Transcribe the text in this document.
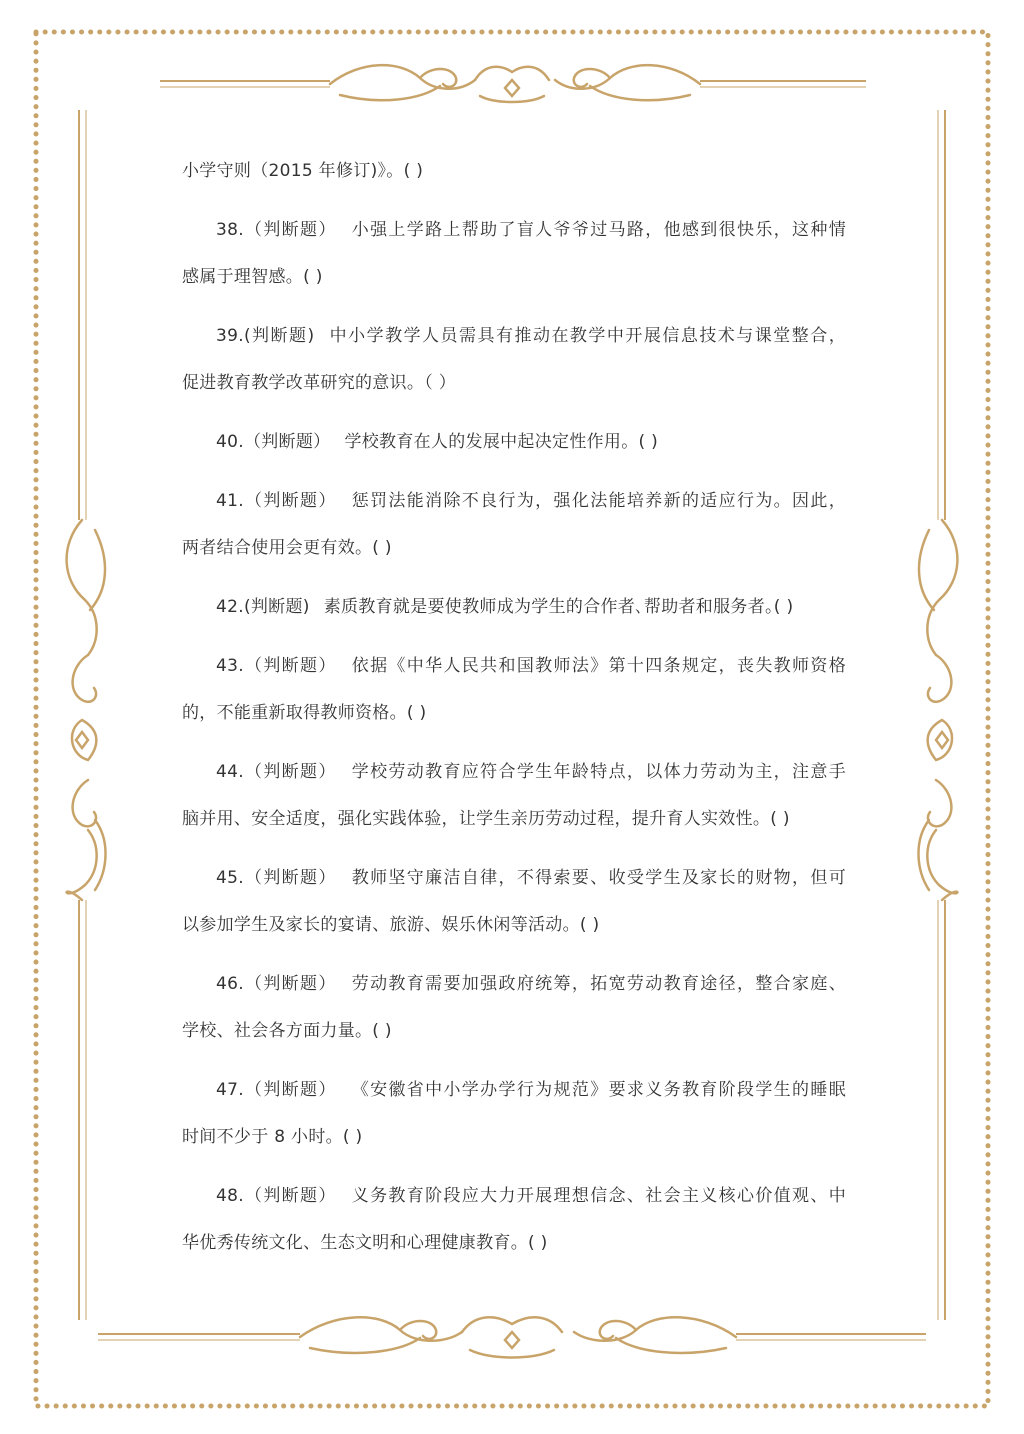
小学守则（2015 年修订)》。( )
38.（判断题） 小强上学路上帮助了盲人爷爷过马路，他感到很快乐，这种情
感属于理智感。( )
39.(判断题) 中小学教学人员需具有推动在教学中开展信息技术与课堂整合，
促进教育教学改革研究的意识。（ ）
40.（判断题） 学校教育在人的发展中起决定性作用。( )
41.（判断题） 惩罚法能消除不良行为，强化法能培养新的适应行为。因此，
两者结合使用会更有效。( )
42.(判断题) 素质教育就是要使教师成为学生的合作者､帮助者和服务者｡( )
43.（判断题） 依据《中华人民共和国教师法》第十四条规定，丧失教师资格
的，不能重新取得教师资格。( )
44.（判断题） 学校劳动教育应符合学生年龄特点，以体力劳动为主，注意手
脑并用、安全适度，强化实践体验，让学生亲历劳动过程，提升育人实效性。( )
45.（判断题） 教师坚守廉洁自律，不得索要、收受学生及家长的财物，但可
以参加学生及家长的宴请、旅游、娱乐休闲等活动。( )
46.（判断题） 劳动教育需要加强政府统筹，拓宽劳动教育途径，整合家庭、
学校、社会各方面力量。( )
47.（判断题） 《安徽省中小学办学行为规范》要求义务教育阶段学生的睡眠
时间不少于 8 小时。( )
48.（判断题） 义务教育阶段应大力开展理想信念、社会主义核心价值观、中
华优秀传统文化、生态文明和心理健康教育。( )
